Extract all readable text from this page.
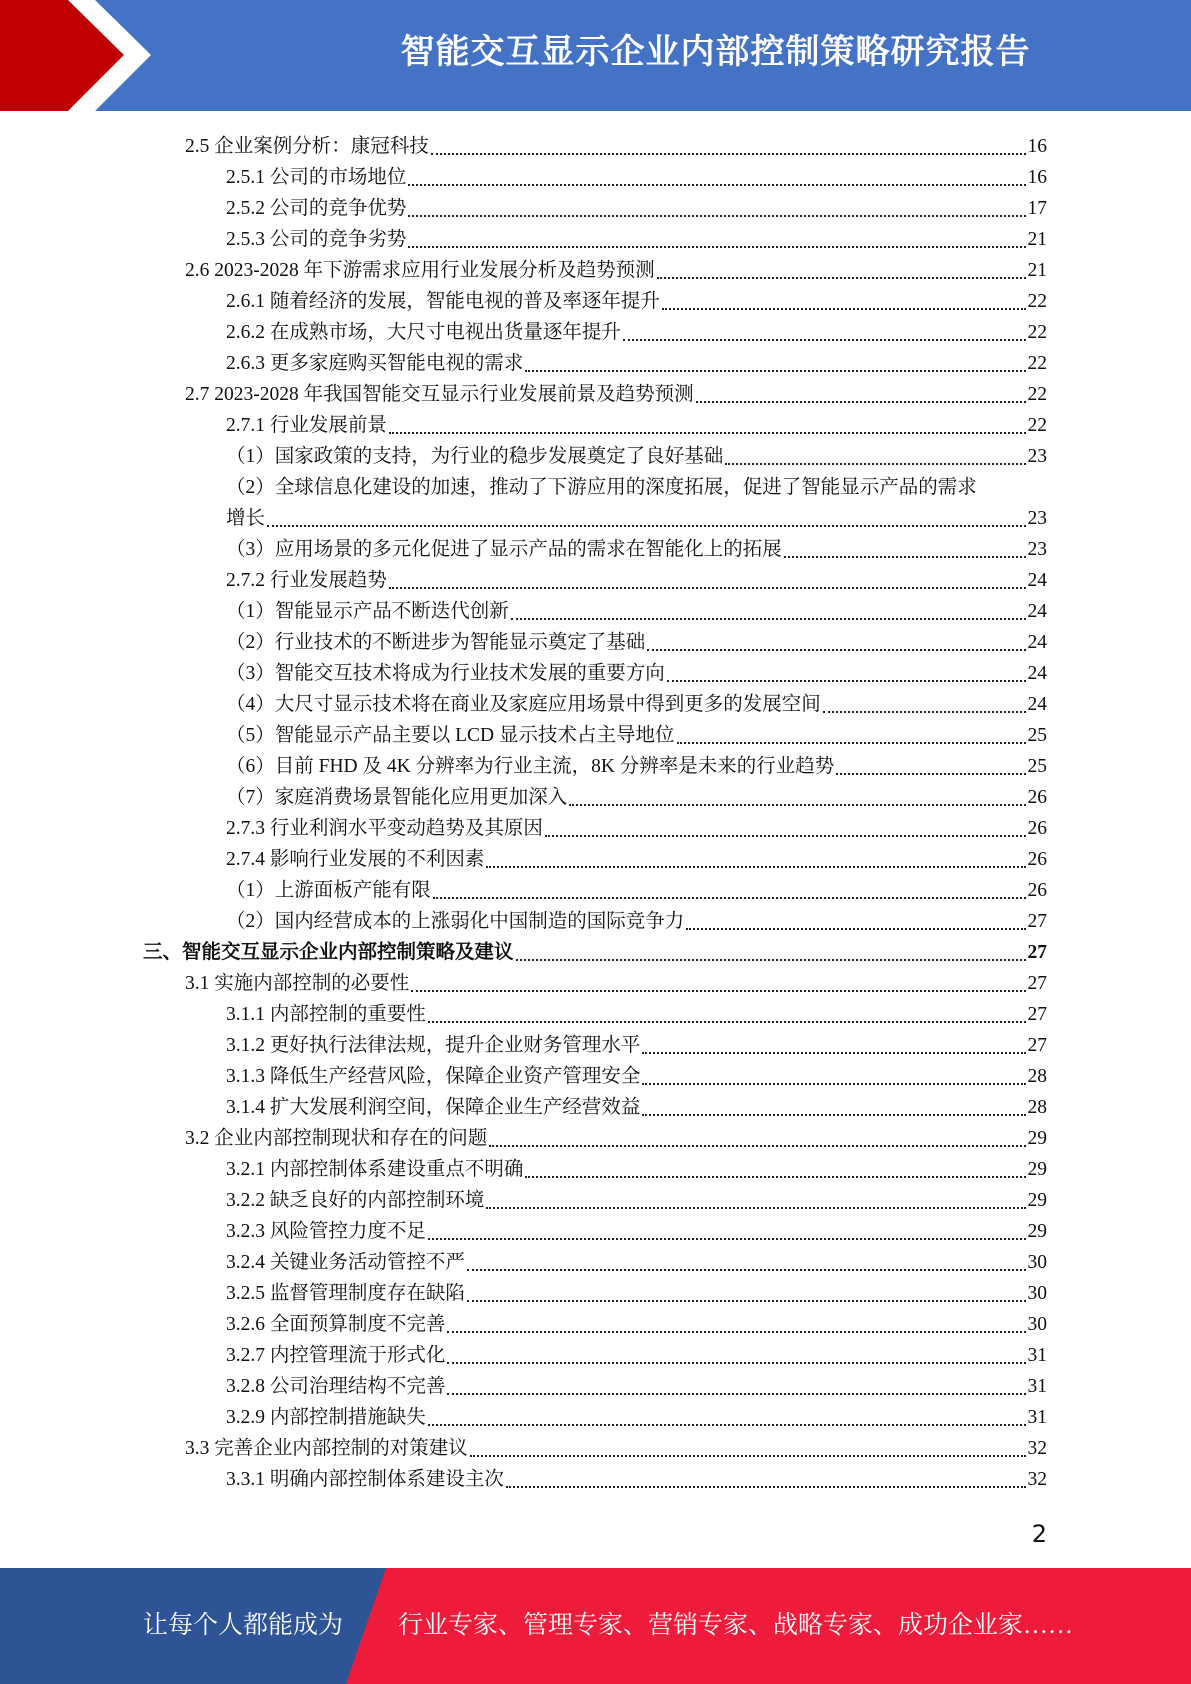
智能交互显示企业内部控制策略研究报告
2.5 企业案例分析：康冠科技	16
2.5.1 公司的市场地位	16
2.5.2 公司的竞争优势	17
2.5.3 公司的竞争劣势	21
2.6 2023-2028 年下游需求应用行业发展分析及趋势预测	21
2.6.1 随着经济的发展，智能电视的普及率逐年提升	22
2.6.2 在成熟市场，大尺寸电视出货量逐年提升	22
2.6.3 更多家庭购买智能电视的需求	22
2.7 2023-2028 年我国智能交互显示行业发展前景及趋势预测	22
2.7.1 行业发展前景	22
（1）国家政策的支持，为行业的稳步发展奠定了良好基础	23
（2）全球信息化建设的加速，推动了下游应用的深度拓展，促进了智能显示产品的需求
增长	23
（3）应用场景的多元化促进了显示产品的需求在智能化上的拓展	23
2.7.2 行业发展趋势	24
（1）智能显示产品不断迭代创新	24
（2）行业技术的不断进步为智能显示奠定了基础	24
（3）智能交互技术将成为行业技术发展的重要方向	24
（4）大尺寸显示技术将在商业及家庭应用场景中得到更多的发展空间	24
（5）智能显示产品主要以 LCD 显示技术占主导地位	25
（6）目前 FHD 及 4K 分辨率为行业主流，8K 分辨率是未来的行业趋势	25
（7）家庭消费场景智能化应用更加深入	26
2.7.3 行业利润水平变动趋势及其原因	26
2.7.4 影响行业发展的不利因素	26
（1）上游面板产能有限	26
（2）国内经营成本的上涨弱化中国制造的国际竞争力	27
三、智能交互显示企业内部控制策略及建议	27
3.1 实施内部控制的必要性	27
3.1.1 内部控制的重要性	27
3.1.2 更好执行法律法规，提升企业财务管理水平	27
3.1.3 降低生产经营风险，保障企业资产管理安全	28
3.1.4 扩大发展利润空间，保障企业生产经营效益	28
3.2 企业内部控制现状和存在的问题	29
3.2.1 内部控制体系建设重点不明确	29
3.2.2 缺乏良好的内部控制环境	29
3.2.3 风险管控力度不足	29
3.2.4 关键业务活动管控不严	30
3.2.5 监督管理制度存在缺陷	30
3.2.6 全面预算制度不完善	30
3.2.7 内控管理流于形式化	31
3.2.8 公司治理结构不完善	31
3.2.9 内部控制措施缺失	31
3.3 完善企业内部控制的对策建议	32
3.3.1 明确内部控制体系建设主次	32
2
让每个人都能成为 行业专家、管理专家、营销专家、战略专家、成功企业家……
